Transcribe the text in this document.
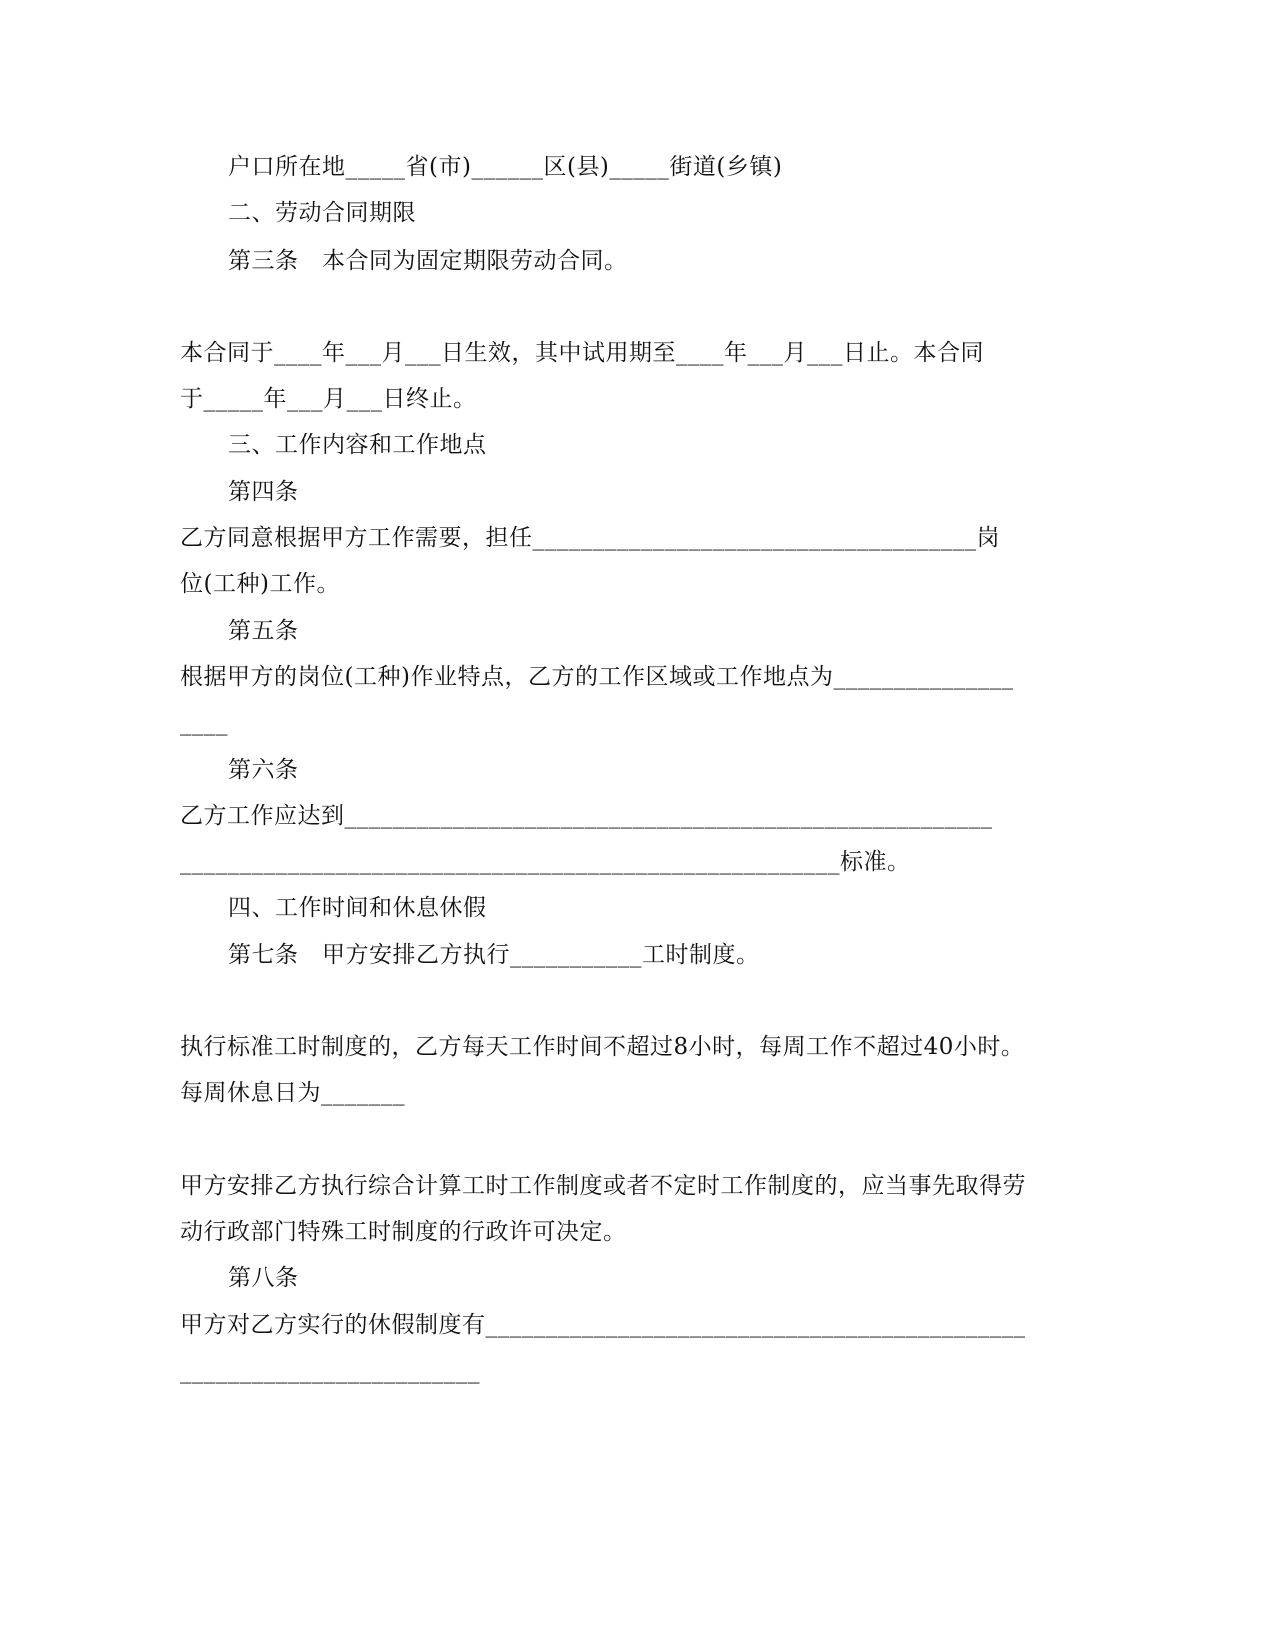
户口所在地_____省(市)______区(县)_____街道(乡镇)
二、劳动合同期限
第三条　本合同为固定期限劳动合同。
本合同于____年___月___日生效，其中试用期至____年___月___日止。本合同
于_____年___月___日终止。
三、工作内容和工作地点
第四条
乙方同意根据甲方工作需要，担任_____________________________________岗
位(工种)工作。
第五条
根据甲方的岗位(工种)作业特点，乙方的工作区域或工作地点为_______________
____
第六条
乙方工作应达到______________________________________________________
_______________________________________________________标准。
四、工作时间和休息休假
第七条　甲方安排乙方执行___________工时制度。
执行标准工时制度的，乙方每天工作时间不超过8小时，每周工作不超过40小时。
每周休息日为_______
甲方安排乙方执行综合计算工时工作制度或者不定时工作制度的，应当事先取得劳
动行政部门特殊工时制度的行政许可决定。
第八条
甲方对乙方实行的休假制度有_____________________________________________
_________________________
